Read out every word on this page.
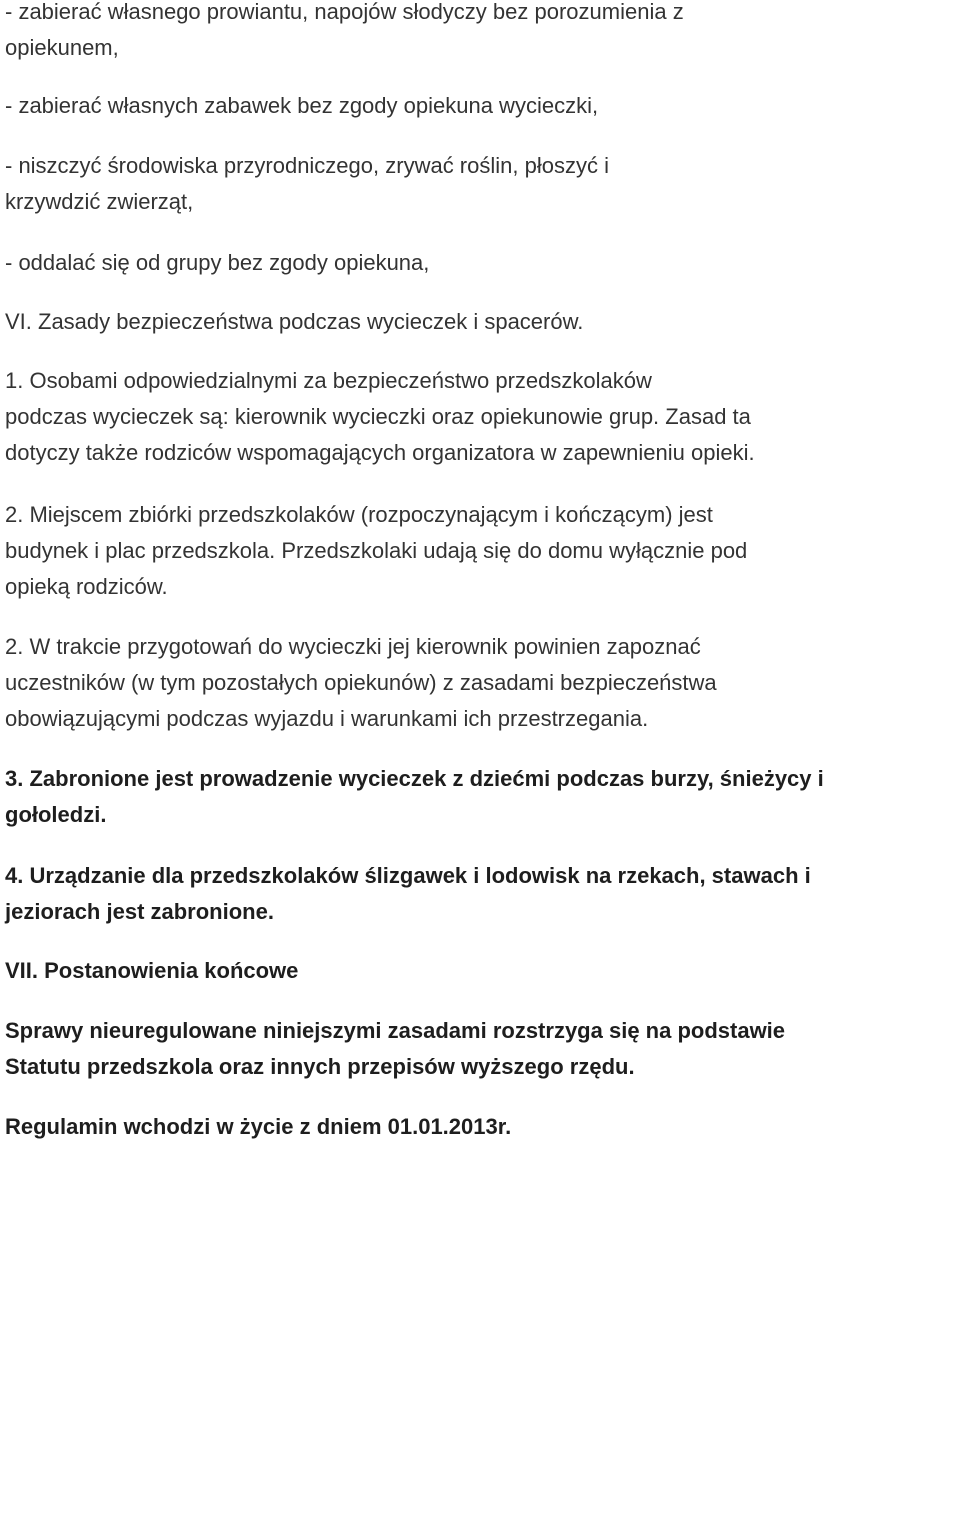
- zabierać własnego prowiantu, napojów słodyczy bez porozumienia z
opiekunem,

- zabierać własnych zabawek bez zgody opiekuna wycieczki,

- niszczyć środowiska przyrodniczego, zrywać roślin, płoszyć i
krzywdzić zwierząt,

- oddalać się od grupy bez zgody opiekuna,

VI. Zasady bezpieczeństwa podczas wycieczek i spacerów.

1. Osobami odpowiedzialnymi za bezpieczeństwo przedszkolaków
podczas wycieczek są: kierownik wycieczki oraz opiekunowie grup. Zasad ta
dotyczy także rodziców wspomagających organizatora w zapewnieniu opieki.

2. Miejscem zbiórki przedszkolaków (rozpoczynającym i kończącym) jest
budynek i plac przedszkola. Przedszkolaki udają się do domu wyłącznie pod
opieką rodziców.

2. W trakcie przygotowań do wycieczki jej kierownik powinien zapoznać
uczestników (w tym pozostałych opiekunów) z zasadami bezpieczeństwa
obowiązującymi podczas wyjazdu i warunkami ich przestrzegania.

3. Zabronione jest prowadzenie wycieczek z dziećmi podczas burzy, śnieżycy i
gołoledzi.

4. Urządzanie dla przedszkolaków ślizgawek i lodowisk na rzekach, stawach i
jeziorach jest zabronione.

VII. Postanowienia końcowe

Sprawy nieuregulowane niniejszymi zasadami rozstrzyga się na podstawie
Statutu przedszkola oraz innych przepisów wyższego rzędu.

Regulamin wchodzi w życie z dniem 01.01.2013r.
